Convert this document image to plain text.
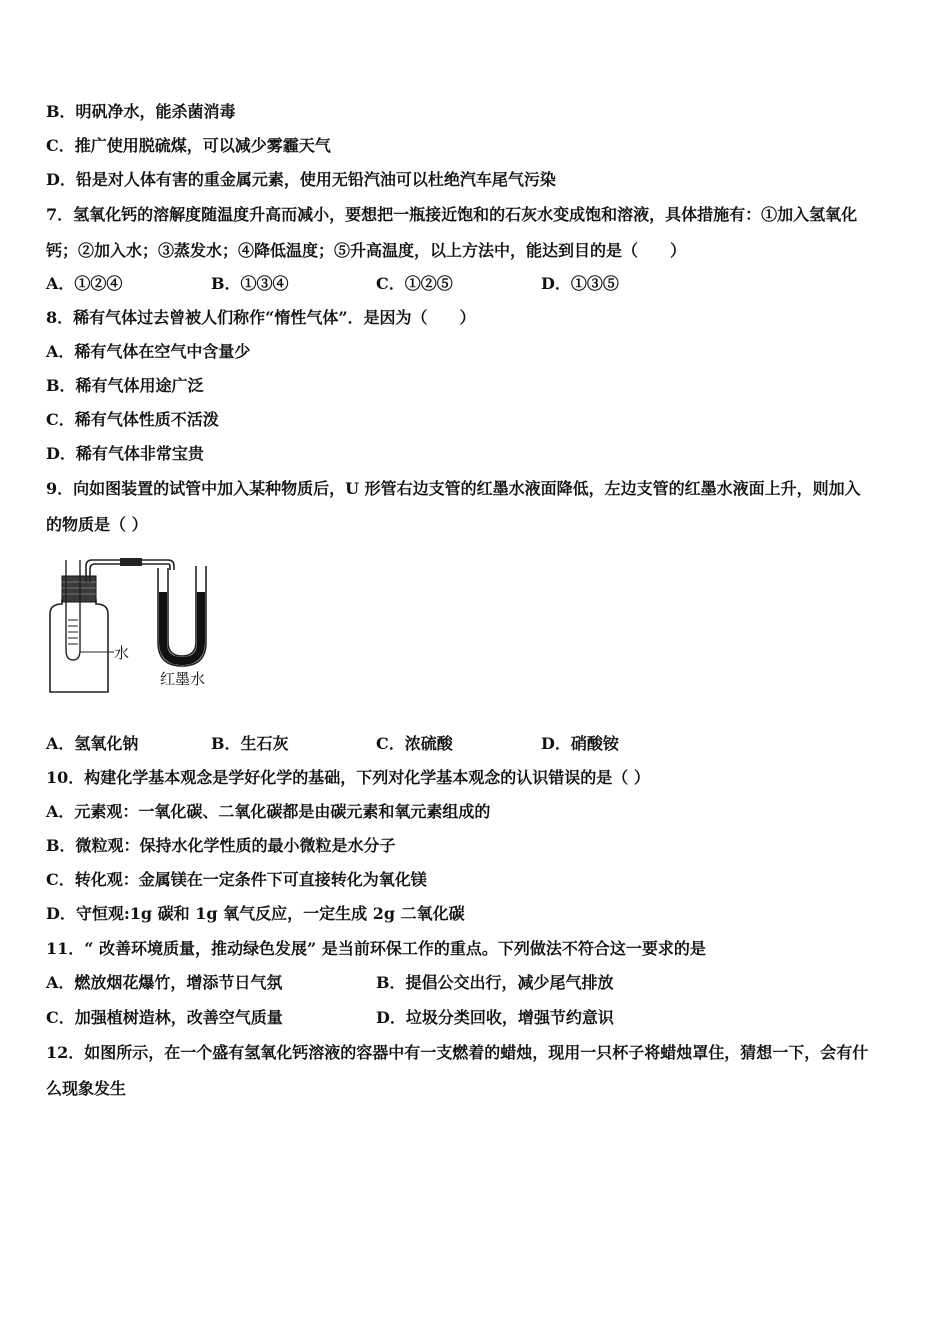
B．明矾净水，能杀菌消毒
C．推广使用脱硫煤，可以减少雾霾天气
D．铅是对人体有害的重金属元素，使用无铅汽油可以杜绝汽车尾气污染
7．氢氧化钙的溶解度随温度升高而减小，要想把一瓶接近饱和的石灰水变成饱和溶液，具体措施有：①加入氢氧化
钙；②加入水；③蒸发水；④降低温度；⑤升高温度，以上方法中，能达到目的是（　　）
A．①②④	B．①③④	C．①②⑤	D．①③⑤
8．稀有气体过去曾被人们称作“惰性气体”．是因为（　　）
A．稀有气体在空气中含量少
B．稀有气体用途广泛
C．稀有气体性质不活泼
D．稀有气体非常宝贵
9．向如图装置的试管中加入某种物质后，U 形管右边支管的红墨水液面降低，左边支管的红墨水液面上升，则加入
的物质是（ ）
水
红墨水
A．氢氧化钠	B．生石灰	C．浓硫酸	D．硝酸铵
10．构建化学基本观念是学好化学的基础，下列对化学基本观念的认识错误的是（ ）
A．元素观：一氧化碳、二氧化碳都是由碳元素和氧元素组成的
B．微粒观：保持水化学性质的最小微粒是水分子
C．转化观：金属镁在一定条件下可直接转化为氧化镁
D．守恒观:1g 碳和 1g 氧气反应，一定生成 2g 二氧化碳
11．“ 改善环境质量，推动绿色发展” 是当前环保工作的重点。下列做法不符合这一要求的是
A．燃放烟花爆竹，增添节日气氛	B．提倡公交出行，减少尾气排放
C．加强植树造林，改善空气质量	D．垃圾分类回收，增强节约意识
12．如图所示，在一个盛有氢氧化钙溶液的容器中有一支燃着的蜡烛，现用一只杯子将蜡烛罩住，猜想一下，会有什
么现象发生
